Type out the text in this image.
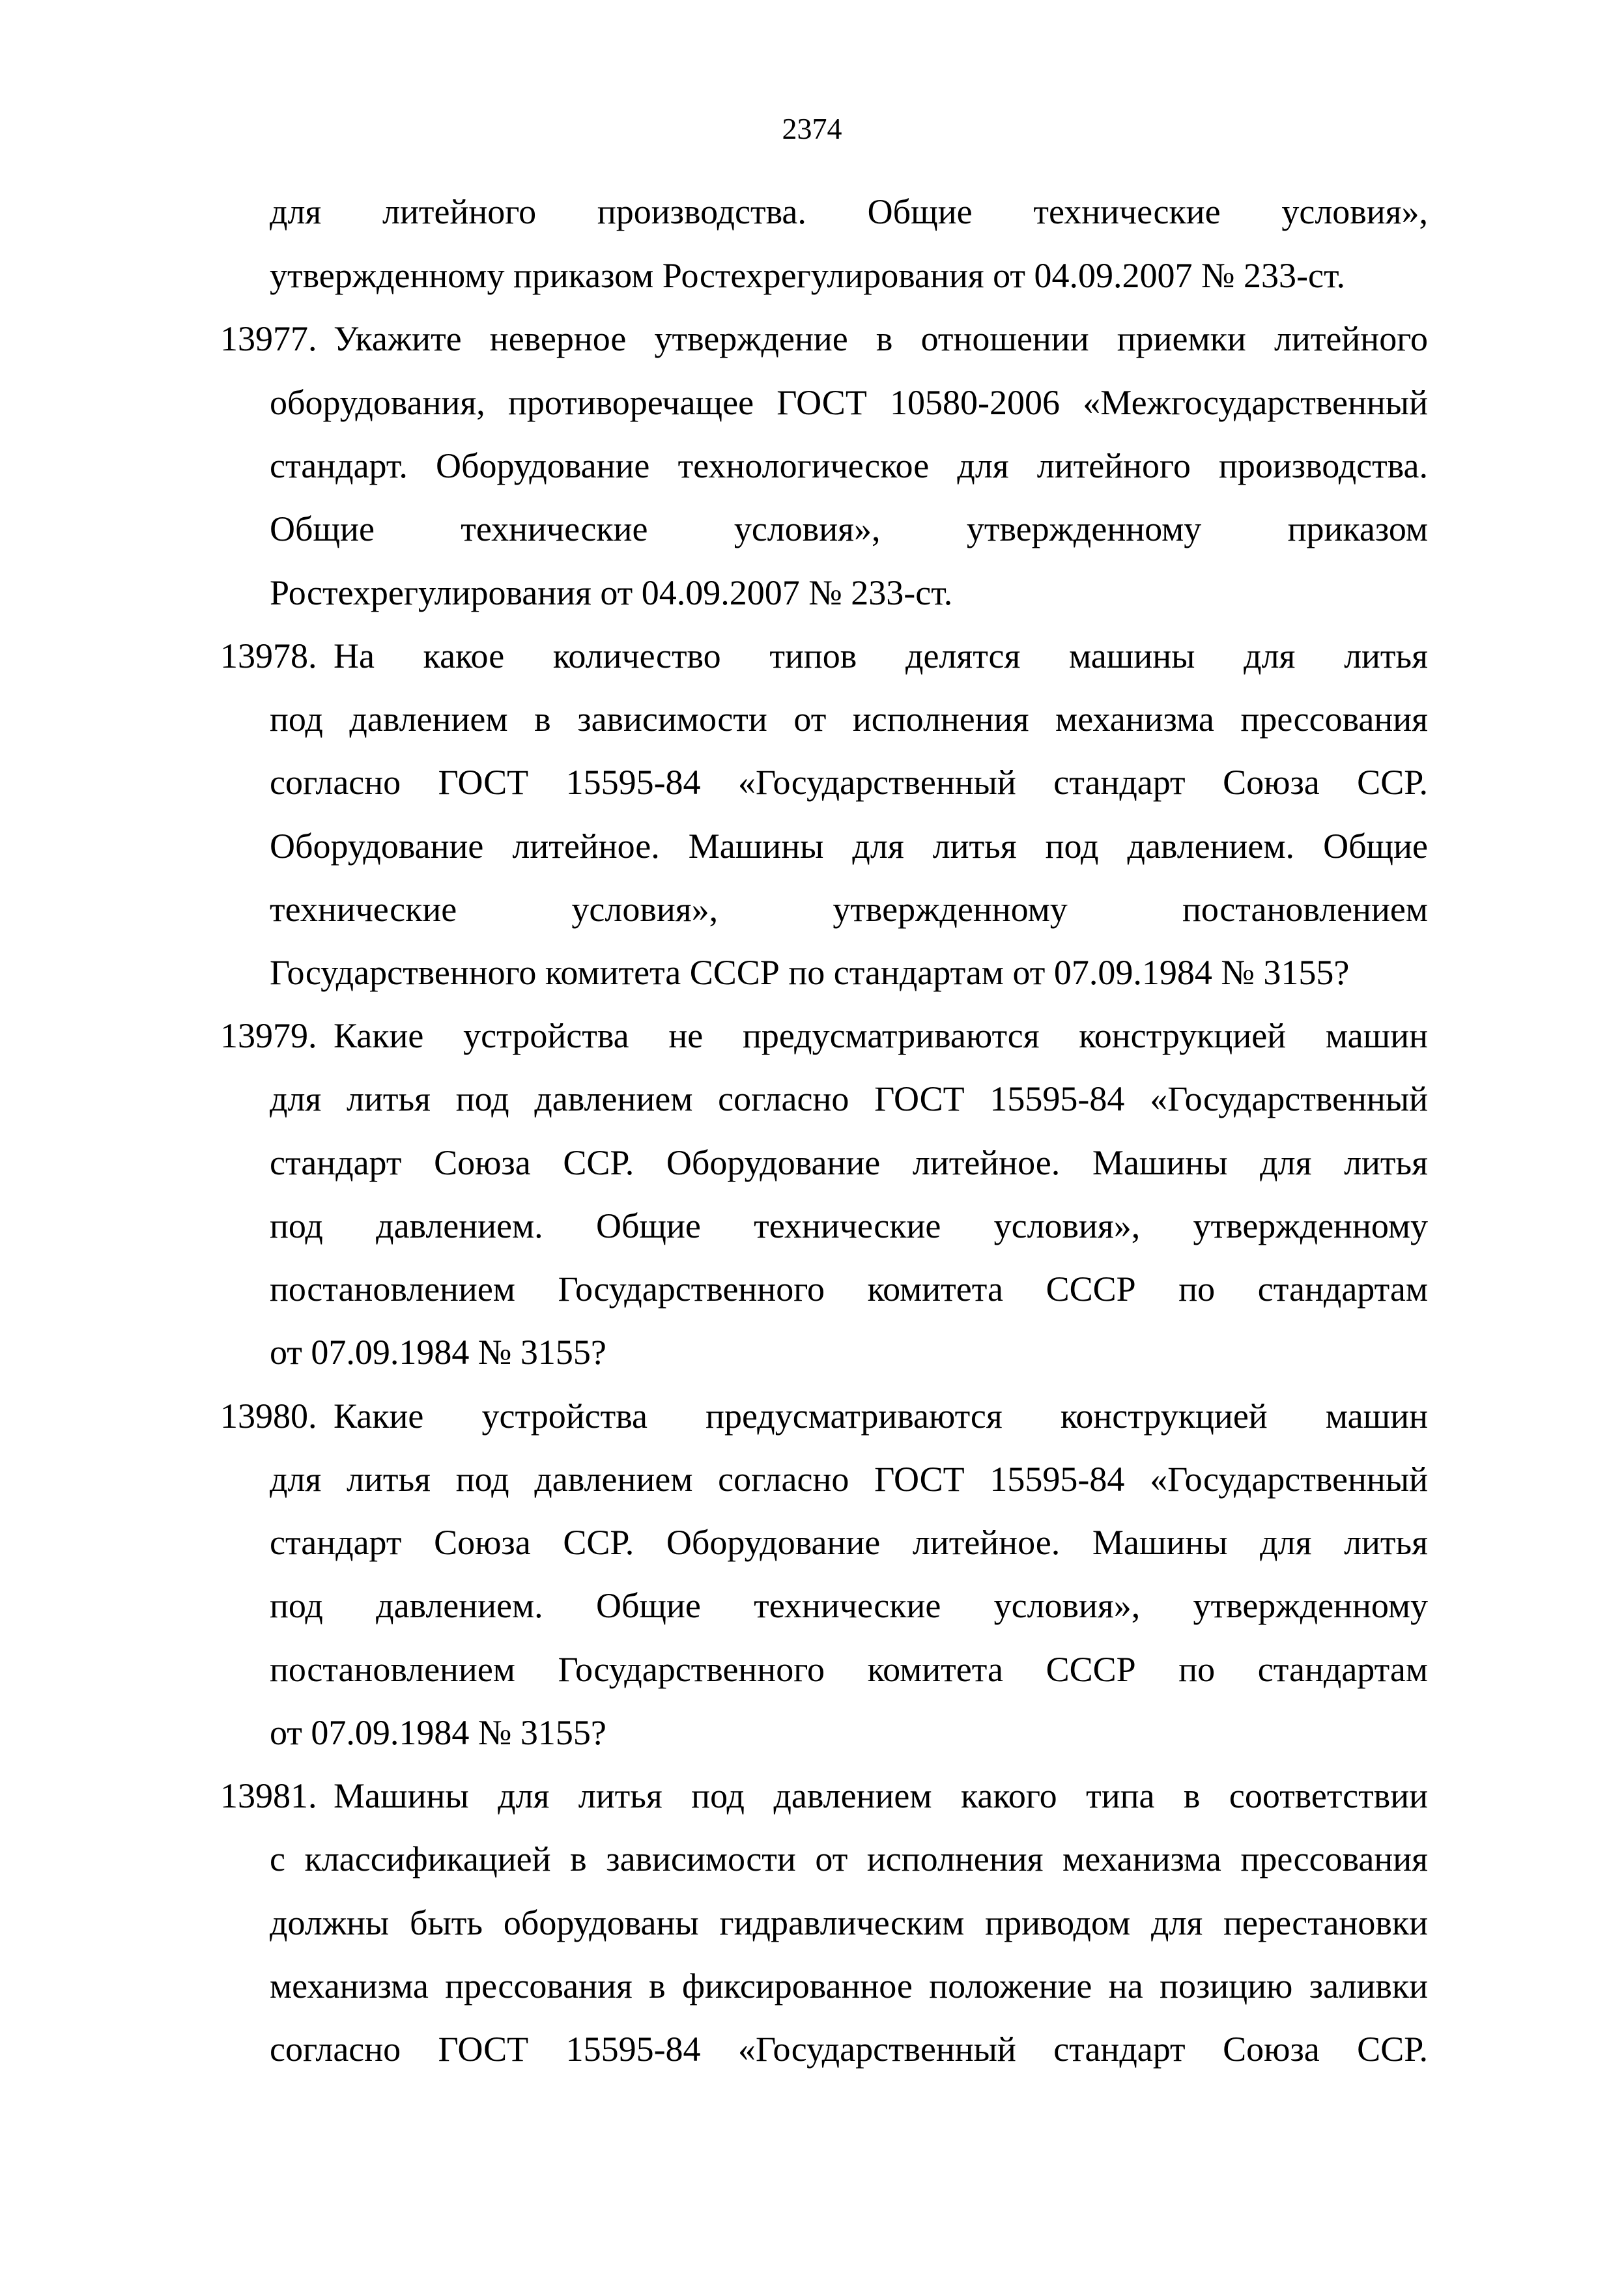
2374
для литейного производства. Общие технические условия»,
утвержденному приказом Ростехрегулирования от 04.09.2007 № 233-ст.
13977. Укажите неверное утверждение в отношении приемки литейного
оборудования, противоречащее ГОСТ 10580-2006 «Межгосударственный
стандарт. Оборудование технологическое для литейного производства.
Общие технические условия», утвержденному приказом
Ростехрегулирования от 04.09.2007 № 233-ст.
13978. На какое количество типов делятся машины для литья
под давлением в зависимости от исполнения механизма прессования
согласно ГОСТ 15595-84 «Государственный стандарт Союза ССР.
Оборудование литейное. Машины для литья под давлением. Общие
технические условия», утвержденному постановлением
Государственного комитета СССР по стандартам от 07.09.1984 № 3155?
13979. Какие устройства не предусматриваются конструкцией машин
для литья под давлением согласно ГОСТ 15595-84 «Государственный
стандарт Союза ССР. Оборудование литейное. Машины для литья
под давлением. Общие технические условия», утвержденному
постановлением Государственного комитета СССР по стандартам
от 07.09.1984 № 3155?
13980. Какие устройства предусматриваются конструкцией машин
для литья под давлением согласно ГОСТ 15595-84 «Государственный
стандарт Союза ССР. Оборудование литейное. Машины для литья
под давлением. Общие технические условия», утвержденному
постановлением Государственного комитета СССР по стандартам
от 07.09.1984 № 3155?
13981. Машины для литья под давлением какого типа в соответствии
с классификацией в зависимости от исполнения механизма прессования
должны быть оборудованы гидравлическим приводом для перестановки
механизма прессования в фиксированное положение на позицию заливки
согласно ГОСТ 15595-84 «Государственный стандарт Союза ССР.
